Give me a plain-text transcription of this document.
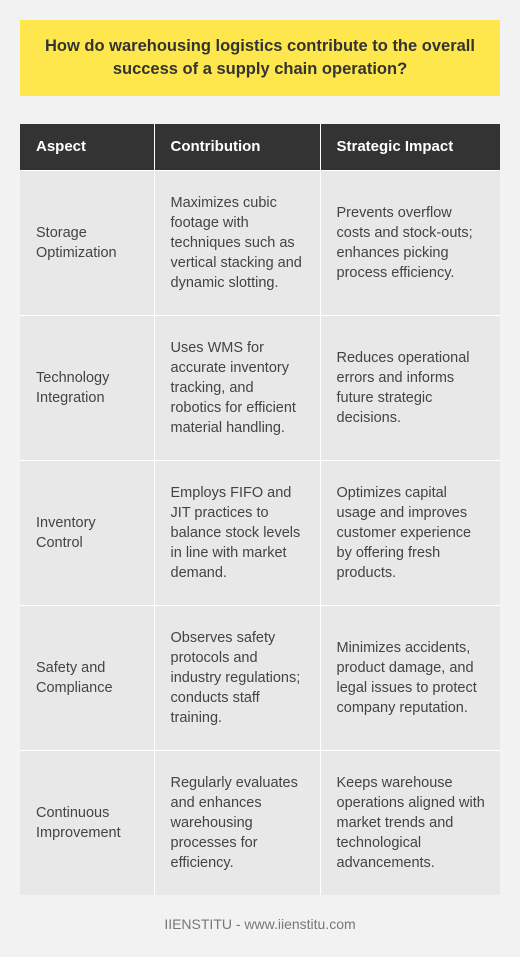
How do warehousing logistics contribute to the overall success of a supply chain operation?
Aspect	Contribution	Strategic Impact
Storage Optimization	Maximizes cubic footage with techniques such as vertical stacking and dynamic slotting.	Prevents overflow costs and stock-outs; enhances picking process efficiency.
Technology Integration	Uses WMS for accurate inventory tracking, and robotics for efficient material handling.	Reduces operational errors and informs future strategic decisions.
Inventory Control	Employs FIFO and JIT practices to balance stock levels in line with market demand.	Optimizes capital usage and improves customer experience by offering fresh products.
Safety and Compliance	Observes safety protocols and industry regulations; conducts staff training.	Minimizes accidents, product damage, and legal issues to protect company reputation.
Continuous Improvement	Regularly evaluates and enhances warehousing processes for efficiency.	Keeps warehouse operations aligned with market trends and technological advancements.
IIENSTITU - www.iienstitu.com
